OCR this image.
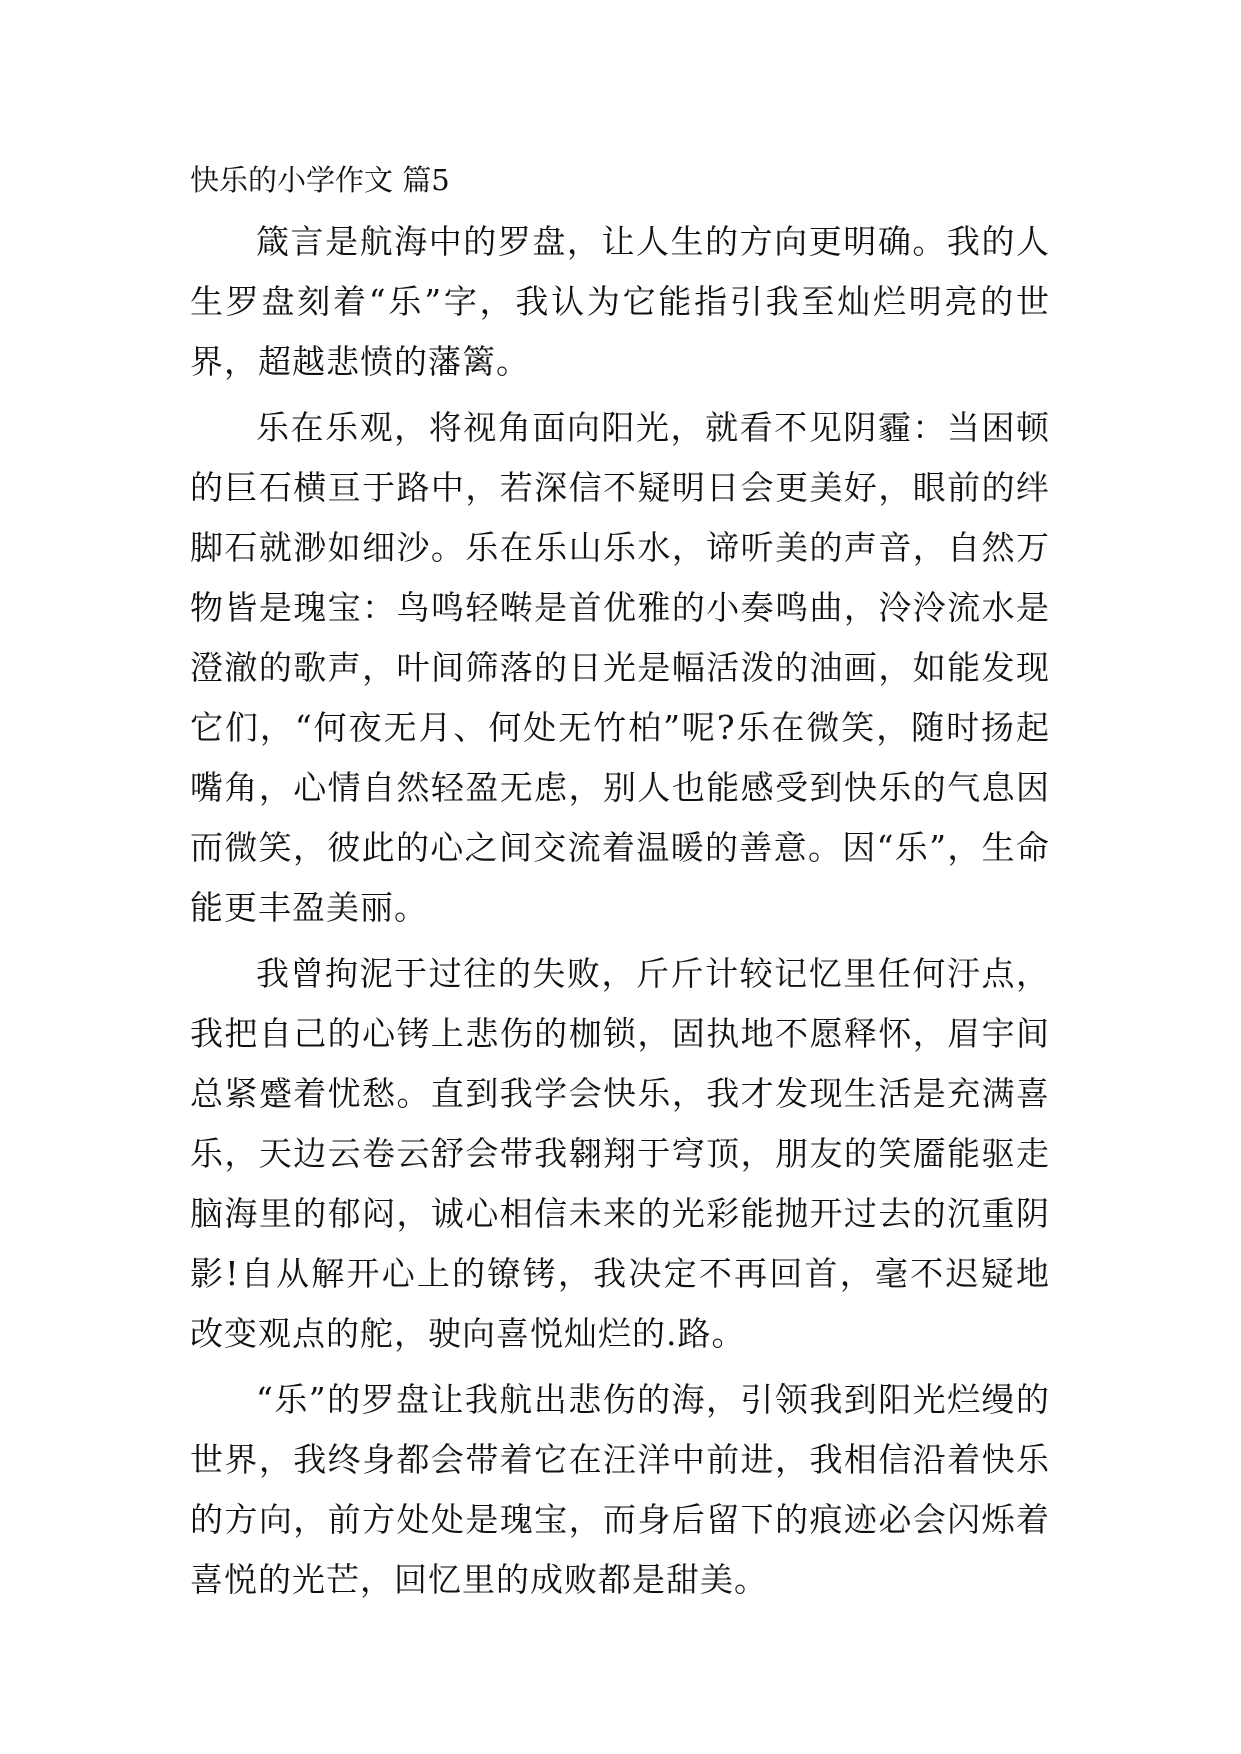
快乐的小学作文 篇5

箴言是航海中的罗盘，让人生的方向更明确。我的人生罗盘刻着“乐”字，我认为它能指引我至灿烂明亮的世界，超越悲愤的藩篱。

乐在乐观，将视角面向阳光，就看不见阴霾：当困顿的巨石横亘于路中，若深信不疑明日会更美好，眼前的绊脚石就渺如细沙。乐在乐山乐水，谛听美的声音，自然万物皆是瑰宝：鸟鸣轻啭是首优雅的小奏鸣曲，泠泠流水是澄澈的歌声，叶间筛落的日光是幅活泼的油画，如能发现它们，“何夜无月、何处无竹柏”呢?乐在微笑，随时扬起嘴角，心情自然轻盈无虑，别人也能感受到快乐的气息因而微笑，彼此的心之间交流着温暖的善意。因“乐”，生命能更丰盈美丽。

我曾拘泥于过往的失败，斤斤计较记忆里任何汙点，我把自己的心铐上悲伤的枷锁，固执地不愿释怀，眉宇间总紧蹙着忧愁。直到我学会快乐，我才发现生活是充满喜乐，天边云卷云舒会带我翱翔于穹顶，朋友的笑靥能驱走脑海里的郁闷，诚心相信未来的光彩能抛开过去的沉重阴影!自从解开心上的镣铐，我决定不再回首，毫不迟疑地改变观点的舵，驶向喜悦灿烂的.路。

“乐”的罗盘让我航出悲伤的海，引领我到阳光烂缦的世界，我终身都会带着它在汪洋中前进，我相信沿着快乐的方向，前方处处是瑰宝，而身后留下的痕迹必会闪烁着喜悦的光芒，回忆里的成败都是甜美。
